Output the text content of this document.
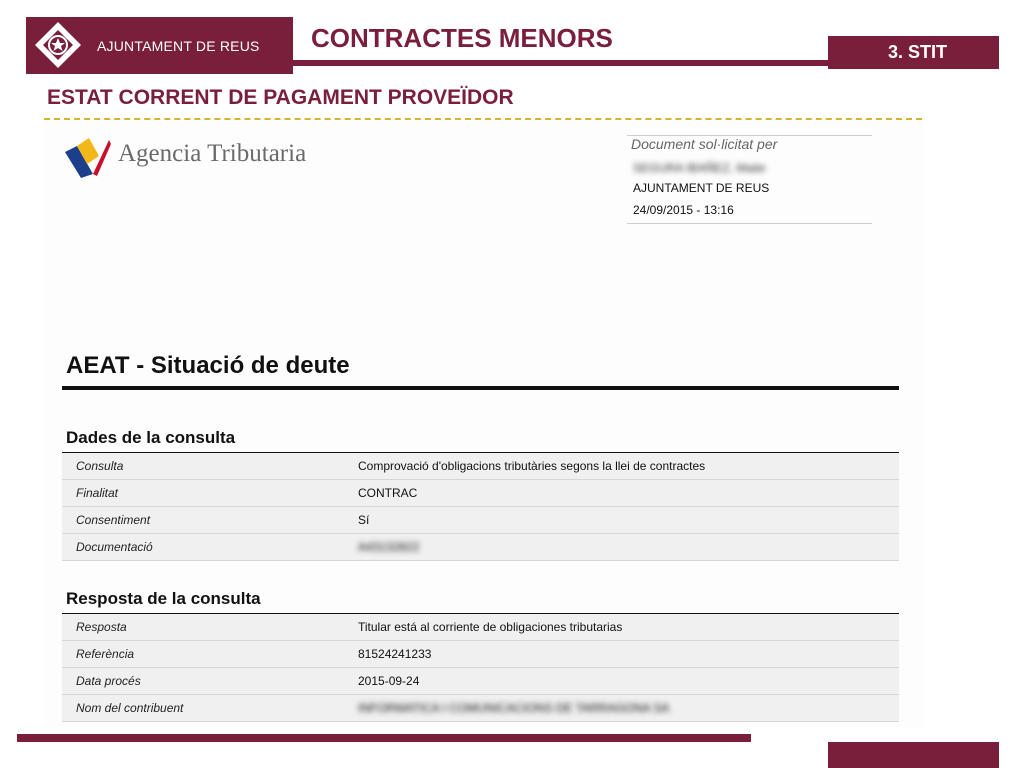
AJUNTAMENT DE REUS CONTRACTES MENORS	3. STIT
ESTAT CORRENT DE PAGAMENT PROVEÏDOR
Agencia Tributaria	Document sol·licitat per
SEGURA IBAÑEZ, Maite
AJUNTAMENT DE REUS
24/09/2015 - 13:16
AEAT - Situació de deute
Dades de la consulta
Consulta	Comprovació d'obligacions tributàries segons la llei de contractes
Finalitat	CONTRAC
Consentiment	Sí
Documentació	A43132822
Resposta de la consulta
Resposta	Titular está al corriente de obligaciones tributarias
Referència	81524241233
Data procés	2015-09-24
Nom del contribuent	INFORMATICA I COMUNICACIONS DE TARRAGONA SA
